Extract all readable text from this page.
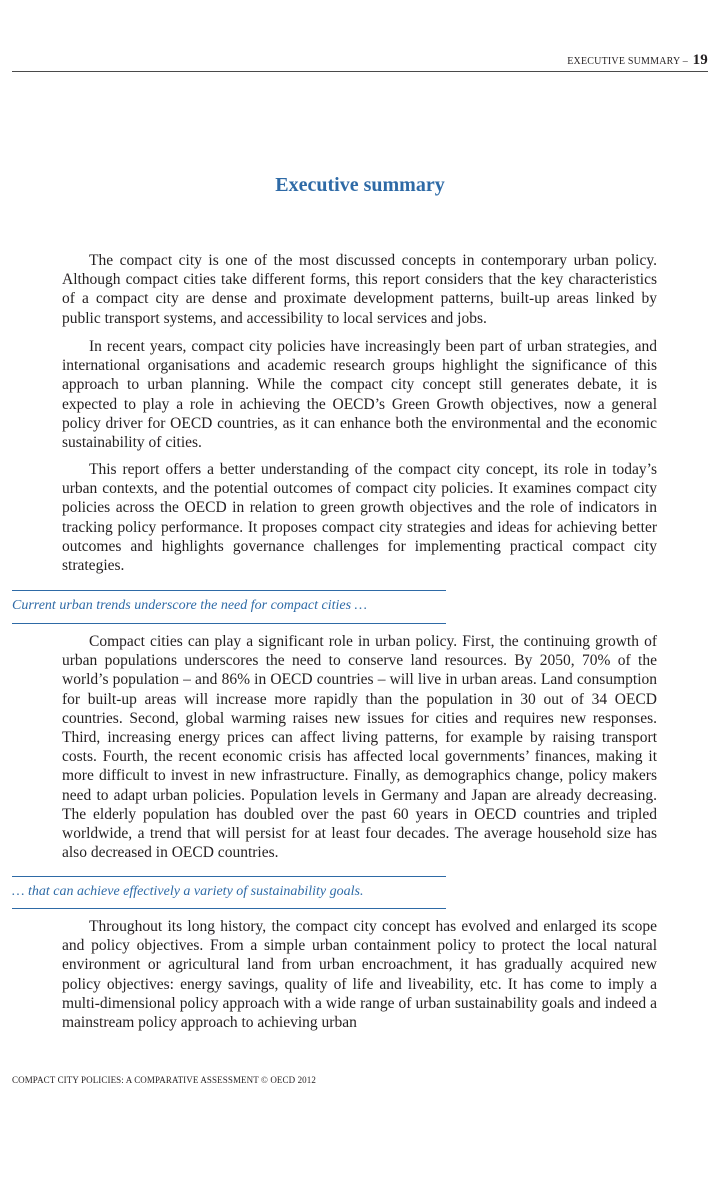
EXECUTIVE SUMMARY – 19
Executive summary

The compact city is one of the most discussed concepts in contemporary urban policy. Although compact cities take different forms, this report considers that the key characteristics of a compact city are dense and proximate development patterns, built-up areas linked by public transport systems, and accessibility to local services and jobs.

In recent years, compact city policies have increasingly been part of urban strategies, and international organisations and academic research groups highlight the significance of this approach to urban planning. While the compact city concept still generates debate, it is expected to play a role in achieving the OECD’s Green Growth objectives, now a general policy driver for OECD countries, as it can enhance both the environmental and the economic sustainability of cities.

This report offers a better understanding of the compact city concept, its role in today’s urban contexts, and the potential outcomes of compact city policies. It examines compact city policies across the OECD in relation to green growth objectives and the role of indicators in tracking policy performance. It proposes compact city strategies and ideas for achieving better outcomes and highlights governance challenges for implementing practical compact city strategies.

Current urban trends underscore the need for compact cities …

Compact cities can play a significant role in urban policy. First, the continuing growth of urban populations underscores the need to conserve land resources. By 2050, 70% of the world’s population – and 86% in OECD countries – will live in urban areas. Land consumption for built-up areas will increase more rapidly than the population in 30 out of 34 OECD countries. Second, global warming raises new issues for cities and requires new responses. Third, increasing energy prices can affect living patterns, for example by raising transport costs. Fourth, the recent economic crisis has affected local governments’ finances, making it more difficult to invest in new infrastructure. Finally, as demographics change, policy makers need to adapt urban policies. Population levels in Germany and Japan are already decreasing. The elderly population has doubled over the past 60 years in OECD countries and tripled worldwide, a trend that will persist for at least four decades. The average household size has also decreased in OECD countries.

… that can achieve effectively a variety of sustainability goals.

Throughout its long history, the compact city concept has evolved and enlarged its scope and policy objectives. From a simple urban containment policy to protect the local natural environment or agricultural land from urban encroachment, it has gradually acquired new policy objectives: energy savings, quality of life and liveability, etc. It has come to imply a multi-dimensional policy approach with a wide range of urban sustainability goals and indeed a mainstream policy approach to achieving urban

COMPACT CITY POLICIES: A COMPARATIVE ASSESSMENT © OECD 2012
